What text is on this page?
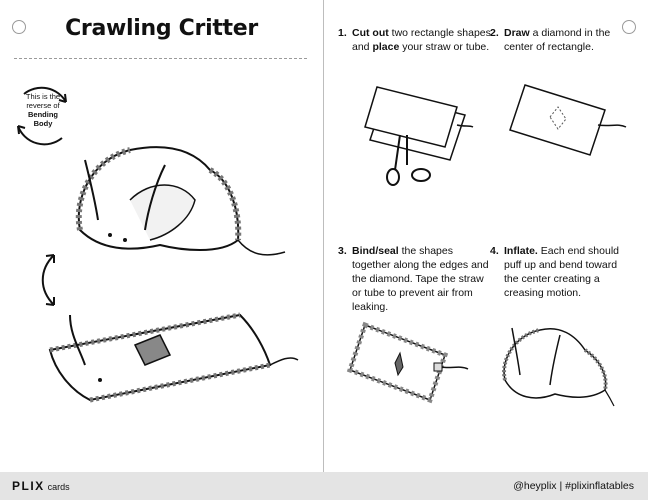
Crawling Critter
This is the
reverse of
Bending
Body
1. Cut out two rectangle shapes and place your straw or tube.
2. Draw a diamond in the center of rectangle.
3. Bind/seal the shapes together along the edges and the diamond. Tape the straw or tube to prevent air from leaking.
4. Inflate. Each end should puff up and bend toward the center creating a creasing motion.
PLIX cards	@heyplix | #plixinflatables
